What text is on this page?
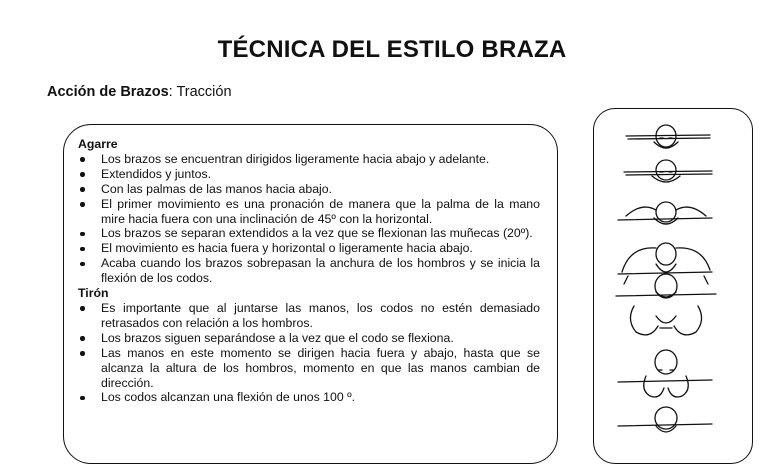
TÉCNICA DEL ESTILO BRAZA
Acción de Brazos: Tracción
Agarre
Los brazos se encuentran dirigidos ligeramente hacia abajo y adelante.
Extendidos y juntos.
Con las palmas de las manos hacia abajo.
El primer movimiento es una pronación de manera que la palma de la mano mire hacia fuera con una inclinación de 45º con la horizontal.
Los brazos se separan extendidos a la vez que se flexionan las muñecas (20º).
El movimiento es hacia fuera y horizontal o ligeramente hacia abajo.
Acaba cuando los brazos sobrepasan la anchura de los hombros y se inicia la flexión de los codos.
Tirón
Es importante que al juntarse las manos, los codos no estén demasiado retrasados con relación a los hombros.
Los brazos siguen separándose a la vez que el codo se flexiona.
Las manos en este momento se dirigen hacia fuera y abajo, hasta que se alcanza la altura de los hombros, momento en que las manos cambian de dirección.
Los codos alcanzan una flexión de unos 100 º.
